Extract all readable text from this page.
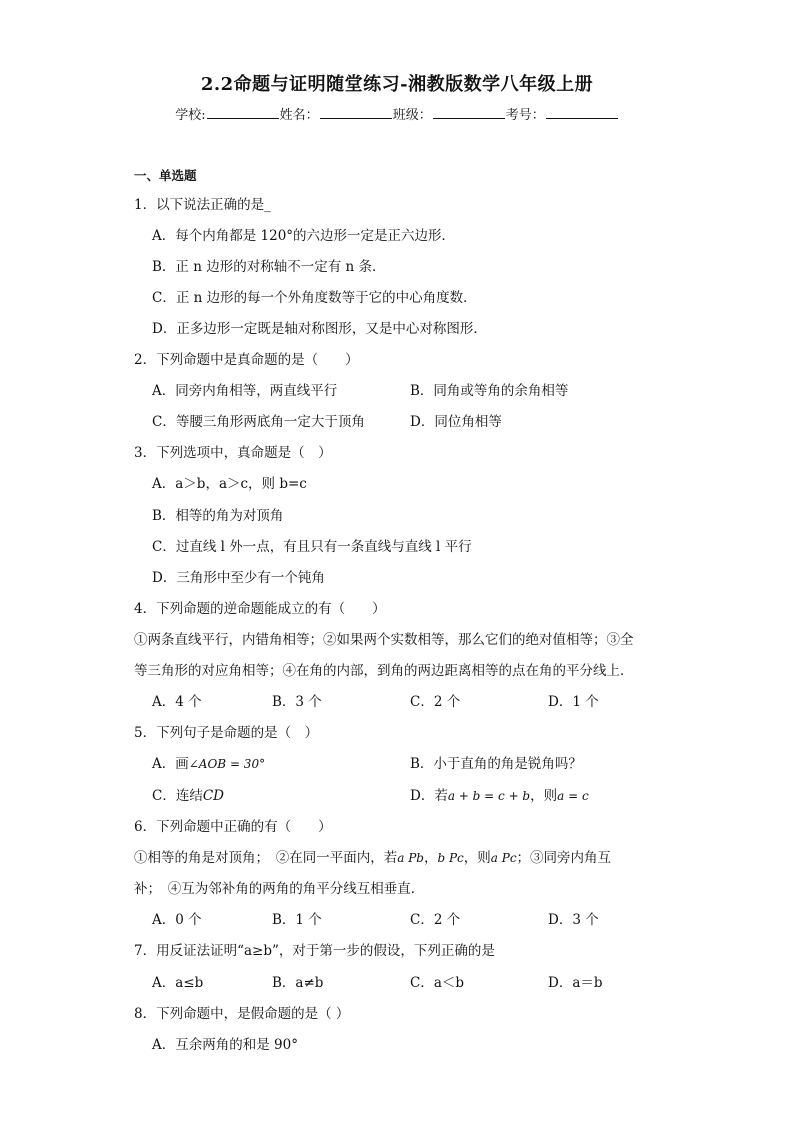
2.2命题与证明随堂练习-湘教版数学八年级上册
学校:	姓名：	班级：	考号：
一、单选题
1．以下说法正确的是_
A．每个内角都是 120°的六边形一定是正六边形．
B．正 n 边形的对称轴不一定有 n 条．
C．正 n 边形的每一个外角度数等于它的中心角度数．
D．正多边形一定既是轴对称图形，又是中心对称图形．
2．下列命题中是真命题的是（　　）
A．同旁内角相等，两直线平行	B．同角或等角的余角相等
C．等腰三角形两底角一定大于顶角	D．同位角相等
3．下列选项中，真命题是（　）
A．a＞b，a＞c，则 b=c
B．相等的角为对顶角
C．过直线 l 外一点，有且只有一条直线与直线 l 平行
D．三角形中至少有一个钝角
4．下列命题的逆命题能成立的有（　　）
①两条直线平行，内错角相等；②如果两个实数相等，那么它们的绝对值相等；③全
等三角形的对应角相等；④在角的内部，到角的两边距离相等的点在角的平分线上．
A．4 个	B．3 个	C．2 个	D．1 个
5．下列句子是命题的是（　）
A．画∠AOB = 30°	B．小于直角的角是锐角吗？
C．连结CD	D．若a + b = c + b，则a = c
6．下列命题中正确的有（　　）
①相等的角是对顶角；　②在同一平面内，若a Pb，b Pc，则a Pc；③同旁内角互
补；　④互为邻补角的两角的角平分线互相垂直．
A．0 个	B．1 个	C．2 个	D．3 个
7．用反证法证明“a≥b”，对于第一步的假设，下列正确的是
A．a≤b	B．a≠b	C．a＜b	D．a＝b
8．下列命题中，是假命题的是（ ）
A．互余两角的和是 90°
